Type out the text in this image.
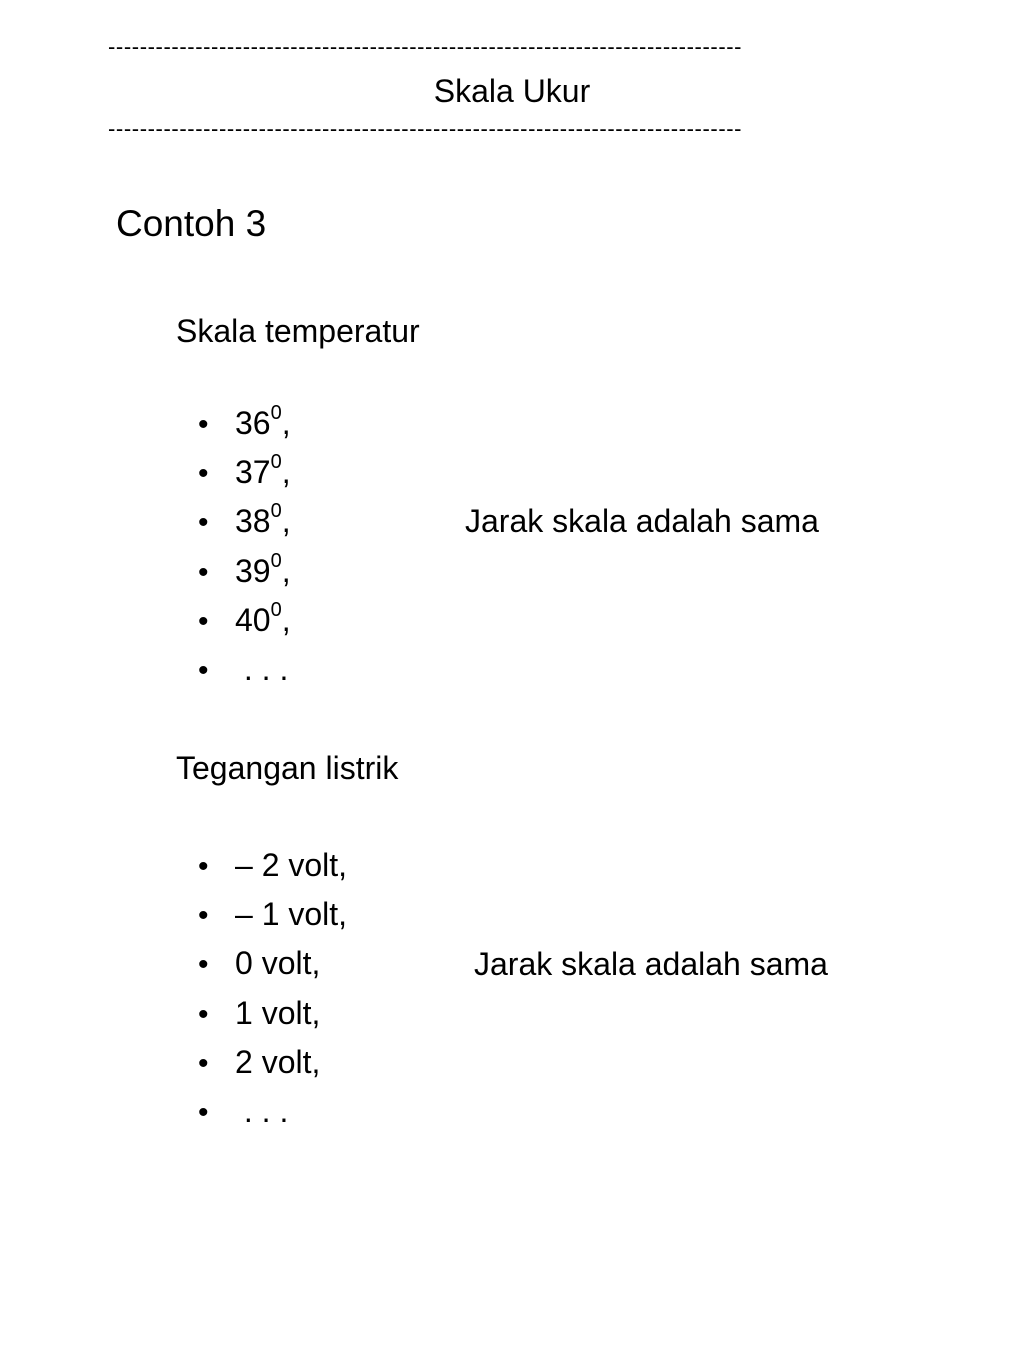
--------------------------------------------------------------------------------
Skala Ukur
--------------------------------------------------------------------------------
Contoh 3
Skala temperatur
• $36^0$,
• $37^0$,
• $38^0$,
• $39^0$,
• $40^0$,
• . . .
Jarak skala adalah sama
Tegangan listrik
• – 2 volt,
• – 1 volt,
• 0 volt,
• 1 volt,
• 2 volt,
• . . .
Jarak skala adalah sama
